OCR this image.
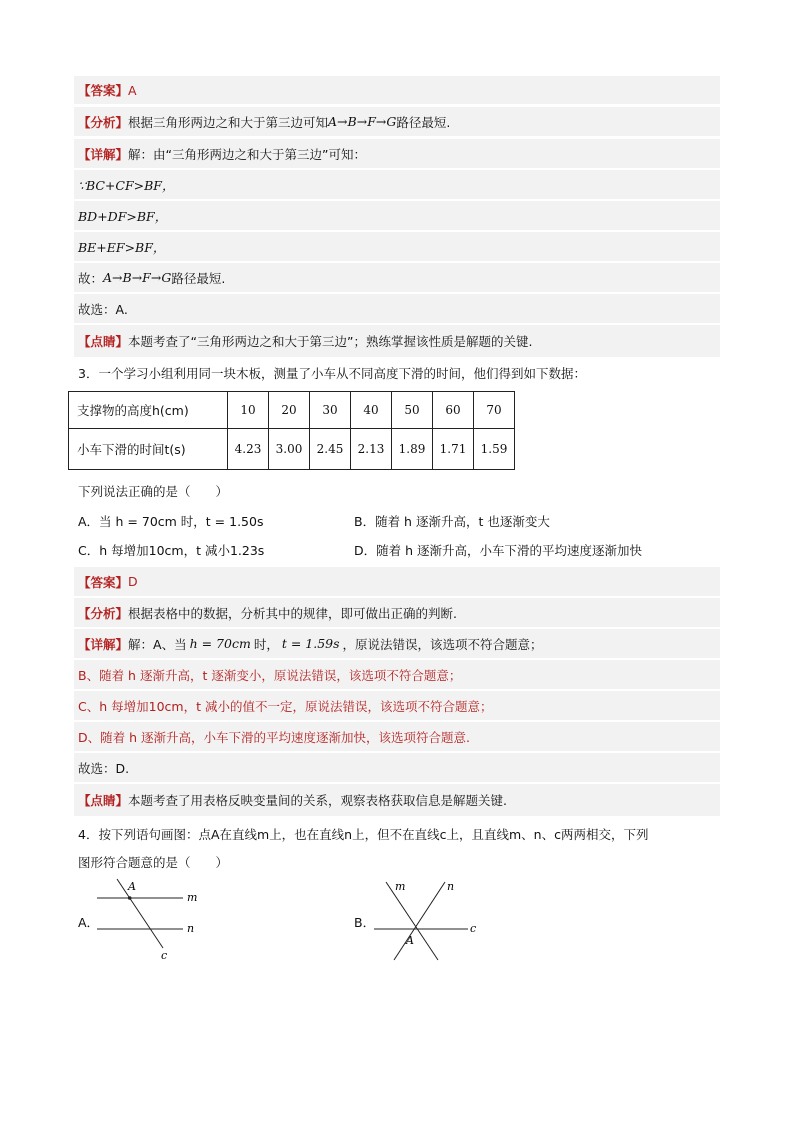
【答案】 A
【分析】 根据三角形两边之和大于第三边可知 A→B→F→G 路径最短.
【详解】 解：由“三角形两边之和大于第三边”可知：
∵BC+CF>BF，
BD+DF>BF，
BE+EF>BF，
故： A→B→F→G 路径最短.
故选：A.
【点睛】 本题考查了“三角形两边之和大于第三边”；熟练掌握该性质是解题的关键.
3．一个学习小组利用同一块木板，测量了小车从不同高度下滑的时间，他们得到如下数据：
支撑物的高度h(cm)	10	20	30	40	50	60	70
小车下滑的时间t(s)	4.23	3.00	2.45	2.13	1.89	1.71	1.59
下列说法正确的是（　　）
A．当 h = 70cm 时，t = 1.50s	B．随着 h 逐渐升高，t 也逐渐变大
C．h 每增加10cm，t 减小1.23s	D．随着 h 逐渐升高，小车下滑的平均速度逐渐加快
【答案】 D
【分析】 根据表格中的数据，分析其中的规律，即可做出正确的判断.
【详解】 解：A、当 h = 70cm 时， t = 1.59s ，原说法错误，该选项不符合题意；
B、随着 h 逐渐升高，t 逐渐变小，原说法错误，该选项不符合题意；
C、h 每增加10cm，t 减小的值不一定，原说法错误，该选项不符合题意；
D、随着 h 逐渐升高，小车下滑的平均速度逐渐加快，该选项符合题意.
故选：D.
【点睛】 本题考查了用表格反映变量间的关系，观察表格获取信息是解题关键.
4．按下列语句画图：点A在直线m上，也在直线n上，但不在直线c上，且直线m、n、c两两相交，下列
图形符合题意的是（　　）
A．
A
m
n
c
B．
m	n
c
A
